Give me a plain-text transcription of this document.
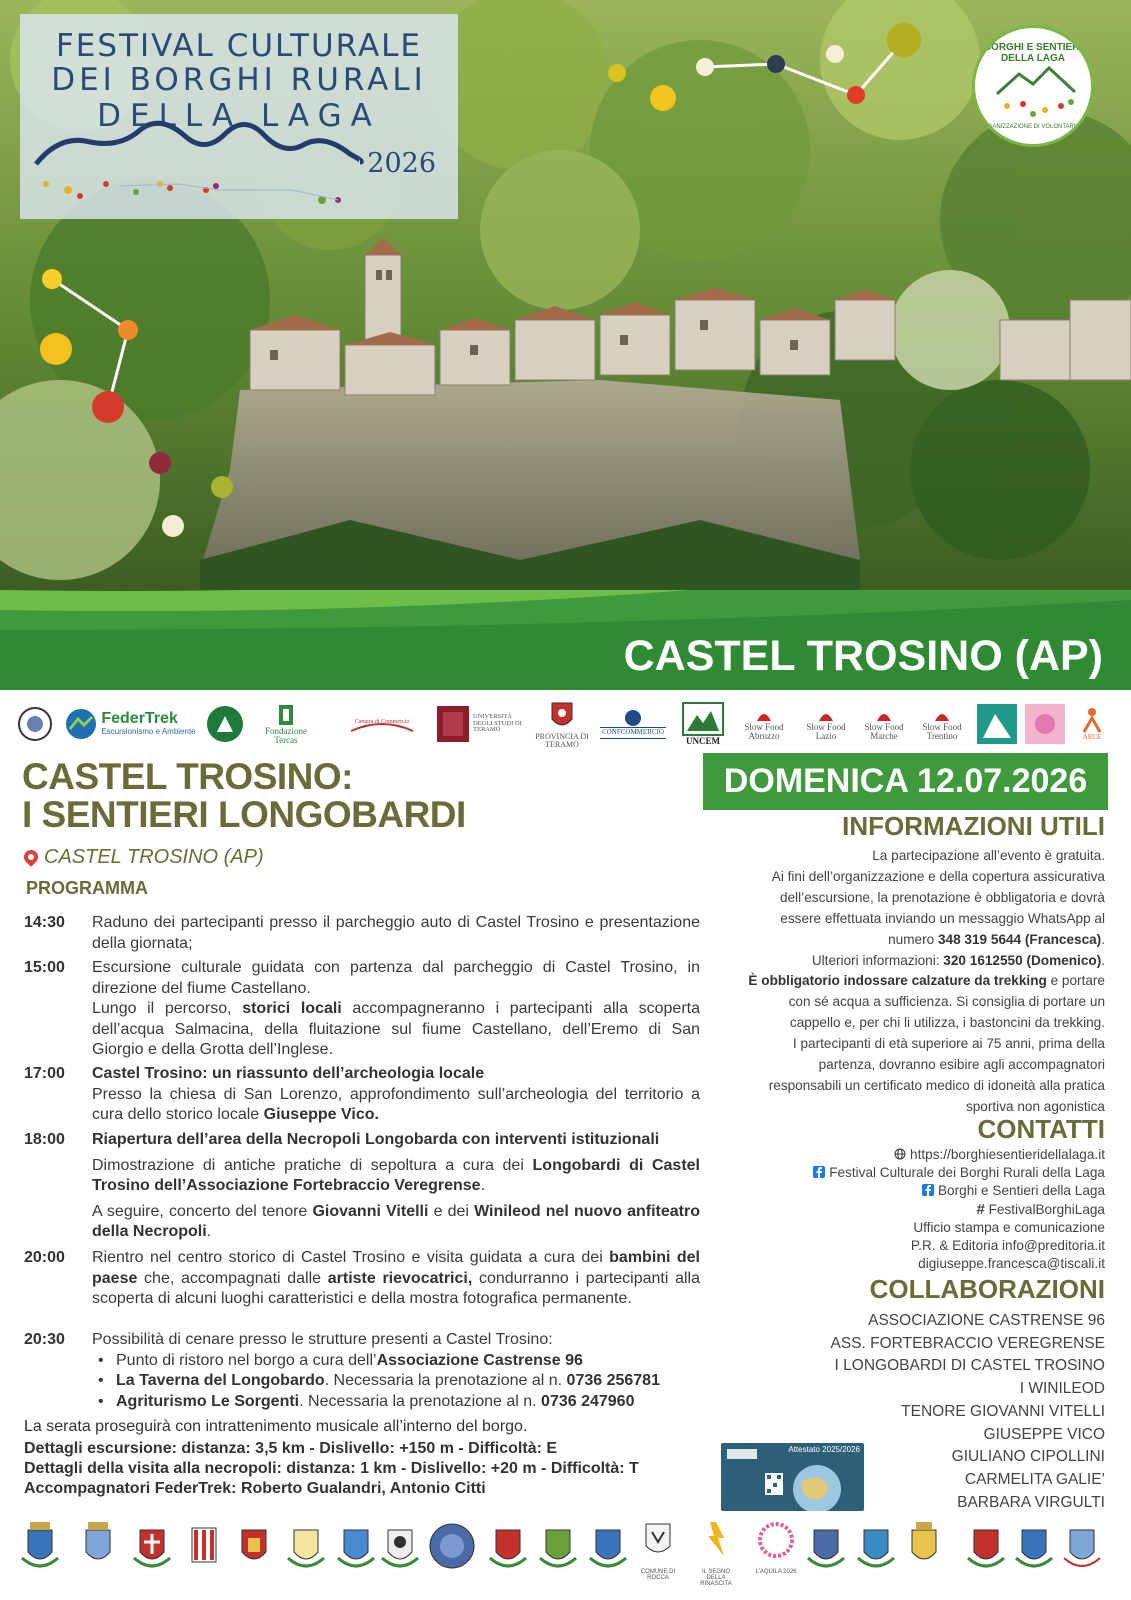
FESTIVAL CULTURALE
DEI BORGHI RURALI
DELLA LAGA
2026
BORGHI E SENTIERI DELLA LAGA
ORGANIZZAZIONE DI VOLONTARIATO
CASTEL TROSINO (AP)
FederTrek
Escursionismo e Ambiente	Fondazione Tercas
Camera di Commercio
UNIVERSITÀ DEGLI STUDI DI TERAMO
PROVINCIA DI TERAMO
CONFCOMMERCIO
UNCEM
Slow Food Abruzzo
Slow Food Lazio
Slow Food Marche
Slow Food Trentino	ARCE
CASTEL TROSINO:
I SENTIERI LONGOBARDI
CASTEL TROSINO (AP)
PROGRAMMA
14:30 Raduno dei partecipanti presso il parcheggio auto di Castel Trosino e presentazione della giornata;
15:00 Escursione culturale guidata con partenza dal parcheggio di Castel Trosino, in direzione del fiume Castellano.
Lungo il percorso, storici locali accompagneranno i partecipanti alla scoperta dell’acqua Salmacina, della fluitazione sul fiume Castellano, dell’Eremo di San Giorgio e della Grotta dell’Inglese.
17:00 Castel Trosino: un riassunto dell’archeologia locale
Presso la chiesa di San Lorenzo, approfondimento sull’archeologia del territorio a cura dello storico locale Giuseppe Vico.
18:00 Riapertura dell’area della Necropoli Longobarda con interventi istituzionali
Dimostrazione di antiche pratiche di sepoltura a cura dei Longobardi di Castel Trosino dell’Associazione Fortebraccio Veregrense.
A seguire, concerto del tenore Giovanni Vitelli e dei Winileod nel nuovo anfiteatro della Necropoli.
20:00 Rientro nel centro storico di Castel Trosino e visita guidata a cura dei bambini del paese che, accompagnati dalle artiste rievocatrici, condurranno i partecipanti alla scoperta di alcuni luoghi caratteristici e della mostra fotografica permanente.
20:30 Possibilità di cenare presso le strutture presenti a Castel Trosino:
• Punto di ristoro nel borgo a cura dell’Associazione Castrense 96
• La Taverna del Longobardo. Necessaria la prenotazione al n. 0736 256781
• Agriturismo Le Sorgenti. Necessaria la prenotazione al n. 0736 247960
La serata proseguirà con intrattenimento musicale all’interno del borgo.
Dettagli escursione: distanza: 3,5 km - Dislivello: +150 m - Difficoltà: E
Dettagli della visita alla necropoli: distanza: 1 km - Dislivello: +20 m - Difficoltà: T
Accompagnatori FederTrek: Roberto Gualandri, Antonio Citti
DOMENICA 12.07.2026
INFORMAZIONI UTILI
La partecipazione all’evento è gratuita.
Ai fini dell’organizzazione e della copertura assicurativa dell’escursione, la prenotazione è obbligatoria e dovrà essere effettuata inviando un messaggio WhatsApp al numero 348 319 5644 (Francesca).
Ulteriori informazioni: 320 1612550 (Domenico).
È obbligatorio indossare calzature da trekking e portare con sé acqua a sufficienza. Si consiglia di portare un cappello e, per chi li utilizza, i bastoncini da trekking.
I partecipanti di età superiore ai 75 anni, prima della partenza, dovranno esibire agli accompagnatori responsabili un certificato medico di idoneità alla pratica sportiva non agonistica
CONTATTI
https://borghiesentieridellalaga.it
Festival Culturale dei Borghi Rurali della Laga
Borghi e Sentieri della Laga
# FestivalBorghiLaga
Ufficio stampa e comunicazione
P.R. & Editoria info@preditoria.it
digiuseppe.francesca@tiscali.it
COLLABORAZIONI
ASSOCIAZIONE CASTRENSE 96
ASS. FORTEBRACCIO VEREGRENSE
I LONGOBARDI DI CASTEL TROSINO
I WINILEOD
TENORE GIOVANNI VITELLI
GIUSEPPE VICO
GIULIANO CIPOLLINI
CARMELITA GALIE’
BARBARA VIRGULTI
Attestato 2025/2026
COMUNE DI ROCCA
IL SEGNO DELLA RINASCITA
L’AQUILA 2026
